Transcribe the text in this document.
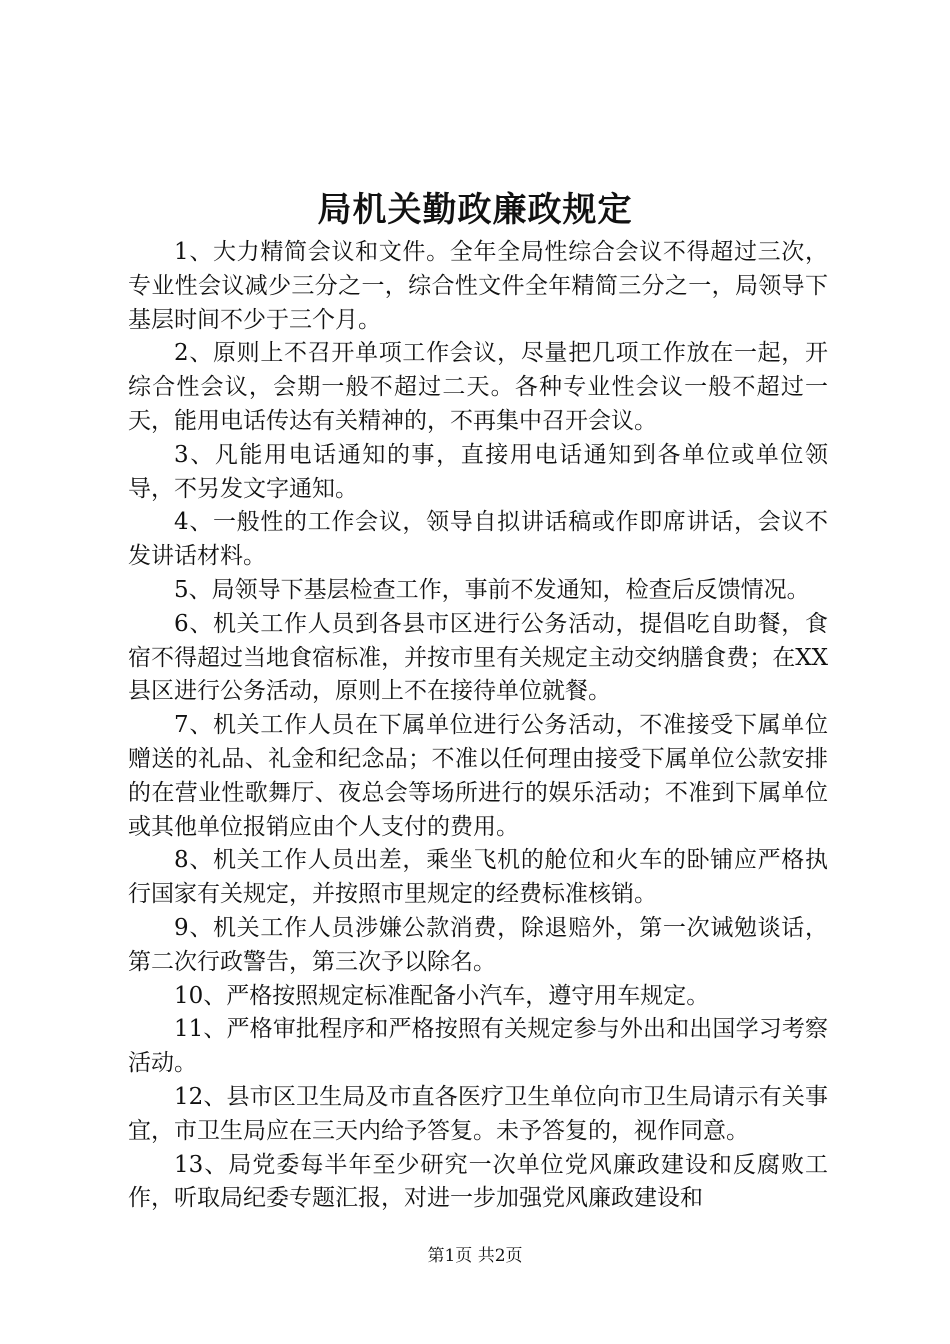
局机关勤政廉政规定

1、大力精简会议和文件。全年全局性综合会议不得超过三次，专业性会议减少三分之一，综合性文件全年精简三分之一，局领导下基层时间不少于三个月。

2、原则上不召开单项工作会议，尽量把几项工作放在一起，开综合性会议，会期一般不超过二天。各种专业性会议一般不超过一天，能用电话传达有关精神的，不再集中召开会议。

3、凡能用电话通知的事，直接用电话通知到各单位或单位领导，不另发文字通知。

4、一般性的工作会议，领导自拟讲话稿或作即席讲话，会议不发讲话材料。

5、局领导下基层检查工作，事前不发通知，检查后反馈情况。

6、机关工作人员到各县市区进行公务活动，提倡吃自助餐，食宿不得超过当地食宿标准，并按市里有关规定主动交纳膳食费；在XX县区进行公务活动，原则上不在接待单位就餐。

7、机关工作人员在下属单位进行公务活动，不准接受下属单位赠送的礼品、礼金和纪念品；不准以任何理由接受下属单位公款安排的在营业性歌舞厅、夜总会等场所进行的娱乐活动；不准到下属单位或其他单位报销应由个人支付的费用。

8、机关工作人员出差，乘坐飞机的舱位和火车的卧铺应严格执行国家有关规定，并按照市里规定的经费标准核销。

9、机关工作人员涉嫌公款消费，除退赔外，第一次诫勉谈话，第二次行政警告，第三次予以除名。

10、严格按照规定标准配备小汽车，遵守用车规定。

11、严格审批程序和严格按照有关规定参与外出和出国学习考察活动。

12、县市区卫生局及市直各医疗卫生单位向市卫生局请示有关事宜，市卫生局应在三天内给予答复。未予答复的，视作同意。

13、局党委每半年至少研究一次单位党风廉政建设和反腐败工作，听取局纪委专题汇报，对进一步加强党风廉政建设和

第1页 共2页
